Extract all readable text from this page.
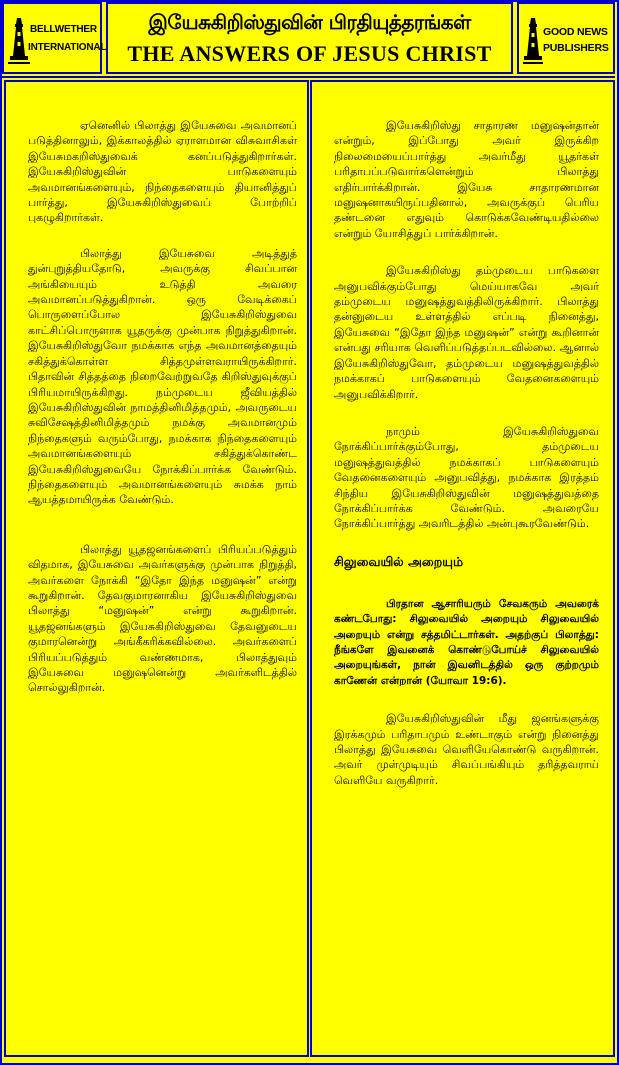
BELLWETHER
INTERNATIONAL
இயேசுகிறிஸ்துவின் பிரதியுத்தரங்கள்
THE ANSWERS OF JESUS CHRIST
GOOD NEWS
PUBLISHERS

ஏனெனில் பிலாத்து இயேசுவை அவமானப் படுத்தினாலும், இக்காலத்தில் ஏராளமான விசுவாசிகள் இயேசுமகறிஸ்துவைக் கனப்படுத்துகிறார்கள். இயேசுகிறிஸ்துவின் பாடுகளையும் அவமானங்களையும், நிந்தைகளையும் தியானித்துப் பார்த்து, இயேசுகிறிஸ்துவைப் போற்றிப் புகழுகிறார்கள்.

பிலாத்து இயேசுவை அடித்துத் துன்புறுத்தியதோடு, அவருக்கு சிவப்பான அங்கியையும் உடுத்தி அவரை அவமானப்படுத்துகிறான். ஒரு வேடிக்கைப் பொருளைப்போல இயேசுகிறிஸ்துவை காட்சிப்பொருளாக யூதருக்கு முன்பாக நிறுத்துகிறான். இயேசுகிறிஸ்துவோ நமக்காக எந்த அவமானத்தையும் சகித்துக்கொள்ள சித்தமுள்ளவராயிருக்கிறார். பிதாவின் சித்தத்தை நிறைவேற்றுவதே கிறிஸ்துவுக்குப் பிரியமாயிருக்கிறது. நம்முடைய ஜீவியத்தில் இயேசுகிறிஸ்துவின் நாமத்தினிமித்தமும், அவருடைய சுவிசேஷத்தினிமித்தமும் நமக்கு அவமானமும் நிந்தைகளும் வரும்போது, நமக்காக நிந்தைகளையும் அவமானங்களையும் சகித்துக்கொண்ட இயேசுகிறிஸ்துவையே நோக்கிப்பார்க்க வேண்டும். நிந்தைகளையும் அவமானங்களையும் சுமக்க நாம் ஆயத்தமாயிருக்க வேண்டும்.

பிலாத்து யூதஜனங்களைப் பிரியப்படுத்தும் விதமாக, இயேசுவை அவர்களுக்கு முன்பாக நிறுத்தி, அவர்களை நோக்கி “இதோ இந்த மனுஷன்” என்று கூறுகிறான். தேவகுமாரனாகிய இயேசுகிறிஸ்துவை பிலாத்து “மனுஷன்” என்று கூறுகிறான். யூதஜனங்களும் இயேசுகிறிஸ்துவை தேவனுடைய குமாரனென்று அங்கீகரிக்கவில்லை. அவர்களைப் பிரியப்படுத்தும் வண்ணமாக, பிலாத்துவும் இயேசுவை மனுஷனென்று அவர்களிடத்தில் சொல்லுகிறான்.

இயேசுகிறிஸ்து சாதாரண மனுஷன்தான் என்றும், இப்போது அவர் இருக்கிற நிலைமையைப்பார்த்து அவர்மீது யூதர்கள் பரிதாபப்படுவார்களென்றும் பிலாத்து எதிர்பார்க்கிறான். இயேசு சாதாரணமான மனுஷனாகயிருப்பதினால், அவருக்குப் பெரிய தண்டனை எதுவும் கொடுக்கவேண்டியதில்லை என்றும் யோசித்துப் பார்க்கிறான்.

இயேசுகிறிஸ்து தம்முடைய பாடுகளை அனுபவிக்கும்போது மெய்யாகவே அவர் தம்முடைய மனுஷத்துவத்திலிருக்கிறார். பிலாத்து தன்னுடைய உள்ளத்தில் எப்படி நினைத்து, இயேசுவை “இதோ இந்த மனுஷன்” என்று கூறினான் என்பது சரியாக வெளிப்படுத்தப்படவில்லை. ஆனால் இயேசுகிறிஸ்துவோ, தம்முடைய மனுஷத்துவத்தில் நமக்காகப் பாடுகளையும் வேதனைகளையும் அனுபவிக்கிறார்.

நாமும் இயேசுகிறிஸ்துவை நோக்கிப்பார்க்கும்போது, தம்முடைய மனுஷத்துவத்தில் நமக்காகப் பாடுகளையும் வேதனைகளையும் அனுபவித்து, நமக்காக இரத்தம் சிந்திய இயேசுகிறிஸ்துவின் மனுஷத்துவத்தை நோக்கிப்பார்க்க வேண்டும். அவரையே நோக்கிப்பார்த்து அவரிடத்தில் அன்புகூரவேண்டும்.

சிலுவையில் அறையும்

பிரதான ஆசாரியரும் சேவகரும் அவரைக் கண்டபோது: சிலுவையில் அறையும் சிலுவையில் அறையும் என்று சத்தமிட்டார்கள். அதற்குப் பிலாத்து: நீங்களே இவனைக் கொண்டுபோய்ச் சிலுவையில் அறையுங்கள், நான் இவனிடத்தில் ஒரு குற்றமும் காணேன் என்றான் (யோவா 19:6).

இயேசுகிறிஸ்துவின் மீது ஜனங்களுக்கு இரக்கமும் பரிதாபமும் உண்டாகும் என்று நினைத்து பிலாத்து இயேசுவை வெளியேகொண்டு வருகிறான். அவர் முள்முடியும் சிவப்பங்கியும் தரித்தவராய் வெளியே வருகிறார்.
